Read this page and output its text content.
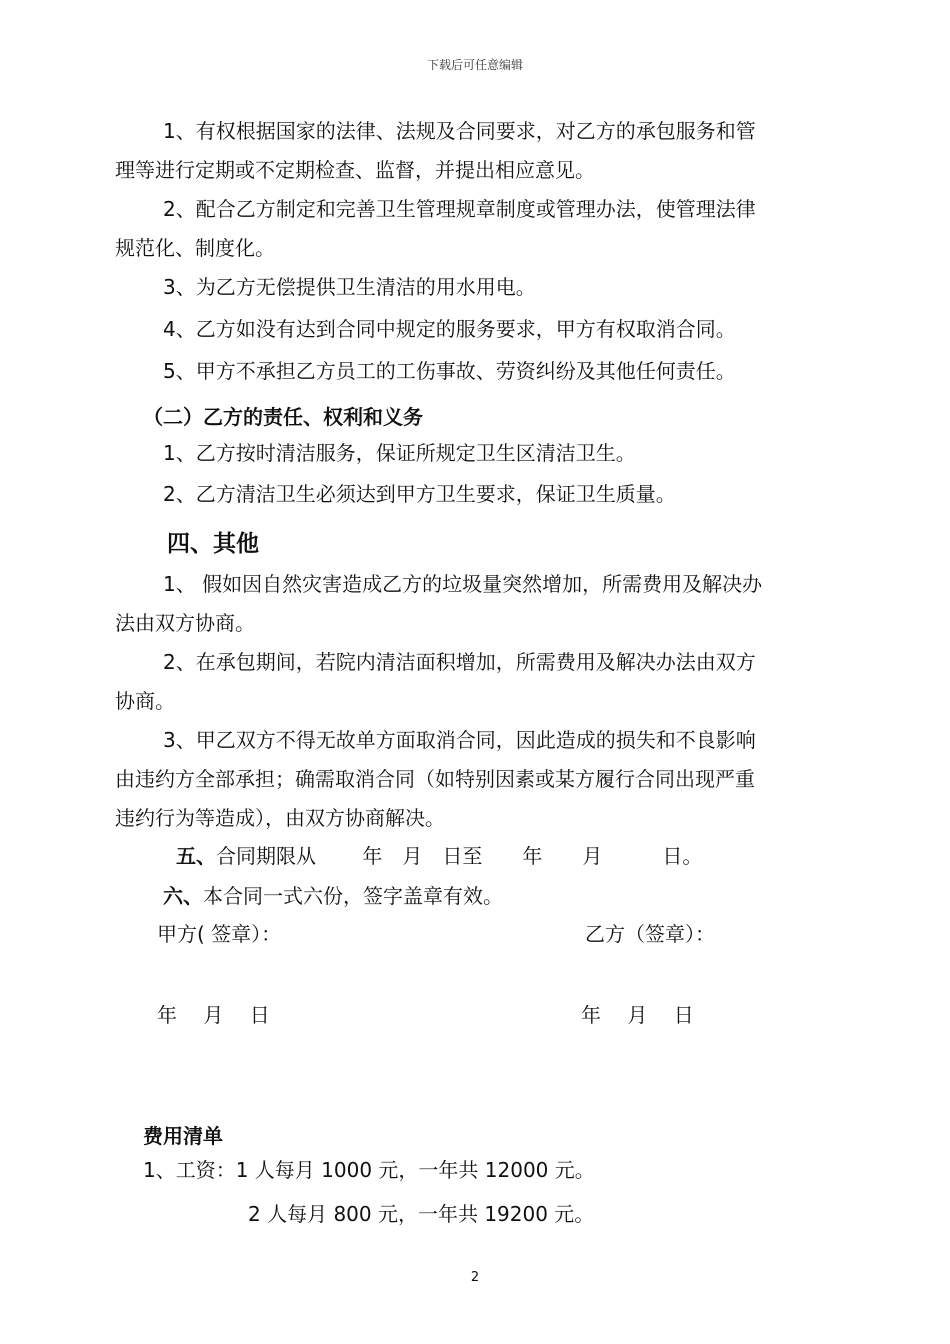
下载后可任意编辑
1、有权根据国家的法律、法规及合同要求，对乙方的承包服务和管
理等进行定期或不定期检查、监督，并提出相应意见。
2、配合乙方制定和完善卫生管理规章制度或管理办法，使管理法律
规范化、制度化。
3、为乙方无偿提供卫生清洁的用水用电。
4、乙方如没有达到合同中规定的服务要求，甲方有权取消合同。
5、甲方不承担乙方员工的工伤事故、劳资纠纷及其他任何责任。
（二）乙方的责任、权利和义务
1、乙方按时清洁服务，保证所规定卫生区清洁卫生。
2、乙方清洁卫生必须达到甲方卫生要求，保证卫生质量。
四、其他
1、 假如因自然灾害造成乙方的垃圾量突然增加，所需费用及解决办
法由双方协商。
2、在承包期间，若院内清洁面积增加，所需费用及解决办法由双方
协商。
3、甲乙双方不得无故单方面取消合同，因此造成的损失和不良影响
由违约方全部承担；确需取消合同（如特别因素或某方履行合同出现严重
违约行为等造成），由双方协商解决。
五、合同期限从　　 年　月　日至　　年　　月　　　日。
六、本合同一式六份，签字盖章有效。
甲方( 签章）：	乙方（签章）：
年　 月　 日	年　 月　 日
费用清单
1、工资：1 人每月 1000 元，一年共 12000 元。
2 人每月 800 元，一年共 19200 元。
2
